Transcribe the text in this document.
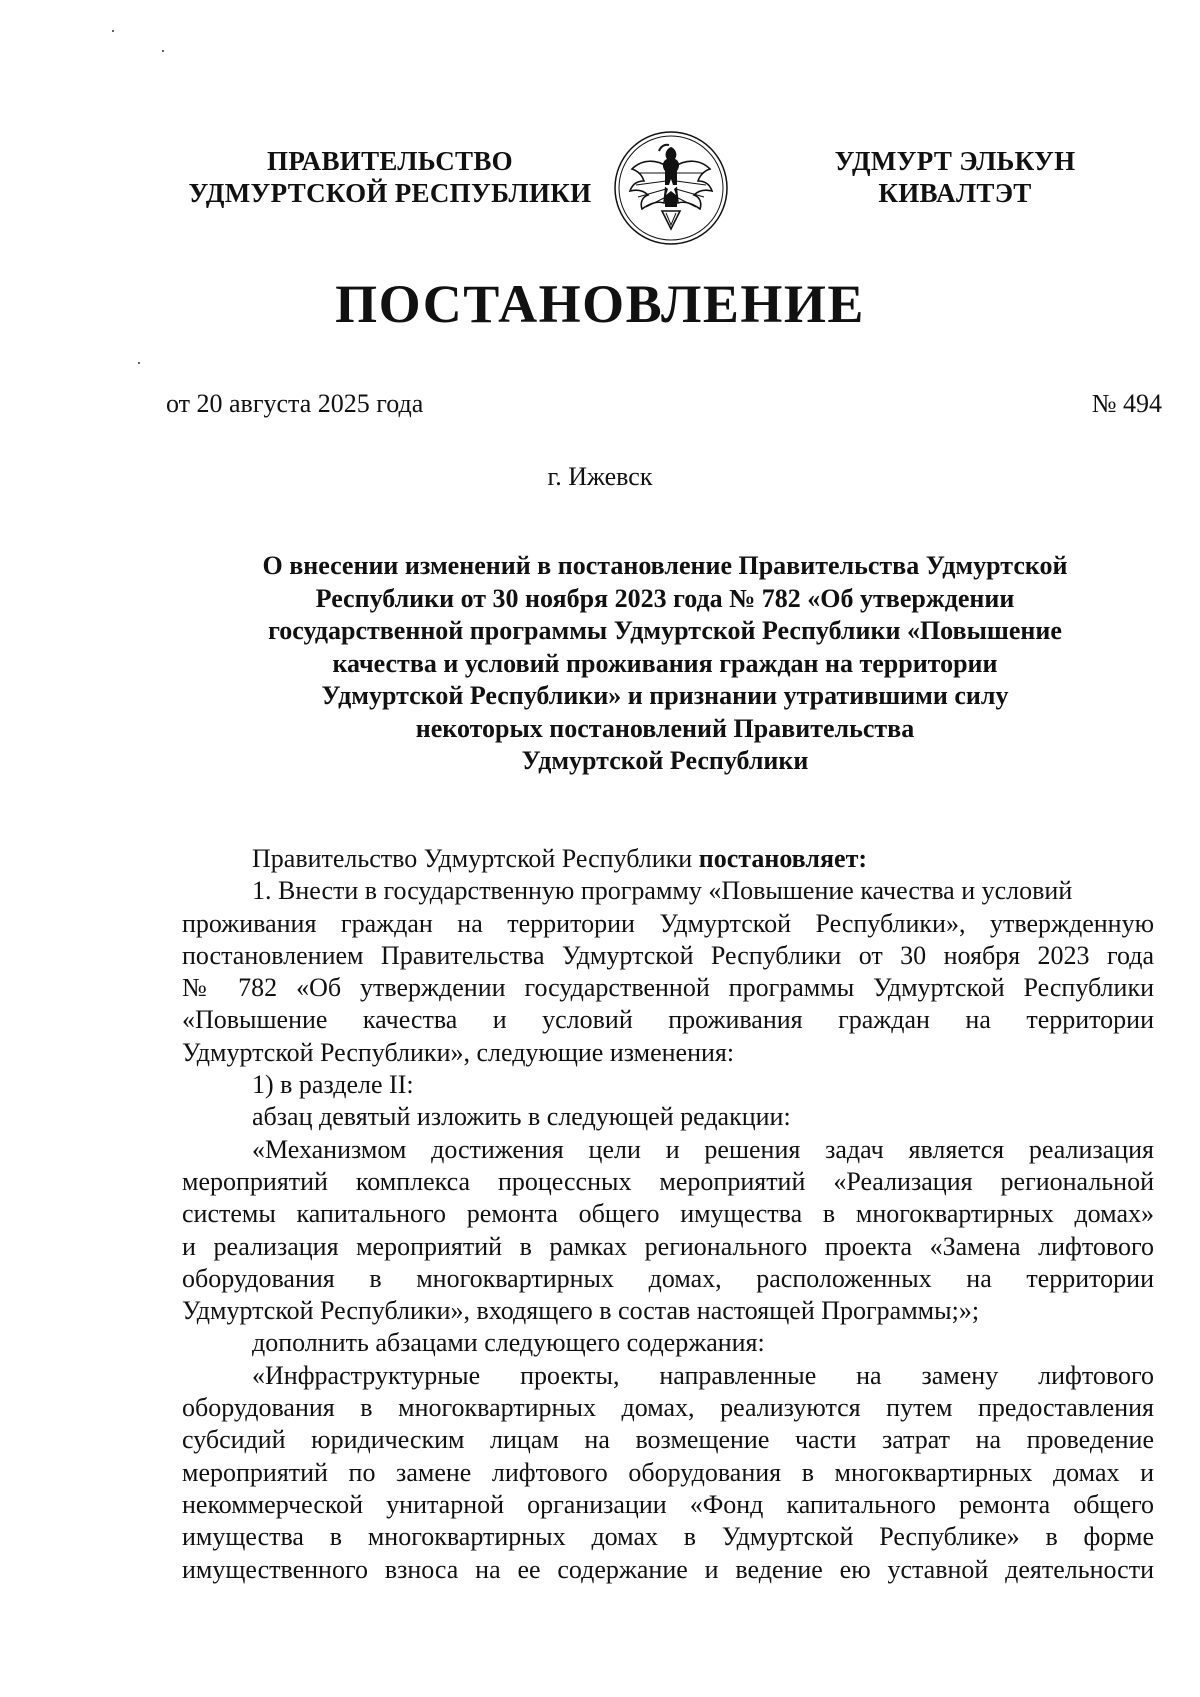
ПРАВИТЕЛЬСТВО
УДМУРТСКОЙ РЕСПУБЛИКИ
УДМУРТ ЭЛЬКУН
КИВАЛТЭТ
ПОСТАНОВЛЕНИЕ
от 20 августа 2025 года	№ 494
г. Ижевск
О внесении изменений в постановление Правительства Удмуртской
Республики от 30 ноября 2023 года № 782 «Об утверждении
государственной программы Удмуртской Республики «Повышение
качества и условий проживания граждан на территории
Удмуртской Республики» и признании утратившими силу
некоторых постановлений Правительства
Удмуртской Республики
Правительство Удмуртской Республики постановляет:
1. Внести в государственную программу «Повышение качества и условий
проживания граждан на территории Удмуртской Республики», утвержденную
постановлением Правительства Удмуртской Республики от 30 ноября 2023 года
№ 782 «Об утверждении государственной программы Удмуртской Республики
«Повышение качества и условий проживания граждан на территории
Удмуртской Республики», следующие изменения:
1) в разделе II:
абзац девятый изложить в следующей редакции:
«Механизмом достижения цели и решения задач является реализация
мероприятий комплекса процессных мероприятий «Реализация региональной
системы капитального ремонта общего имущества в многоквартирных домах»
и реализация мероприятий в рамках регионального проекта «Замена лифтового
оборудования в многоквартирных домах, расположенных на территории
Удмуртской Республики», входящего в состав настоящей Программы;»;
дополнить абзацами следующего содержания:
«Инфраструктурные проекты, направленные на замену лифтового
оборудования в многоквартирных домах, реализуются путем предоставления
субсидий юридическим лицам на возмещение части затрат на проведение
мероприятий по замене лифтового оборудования в многоквартирных домах и
некоммерческой унитарной организации «Фонд капитального ремонта общего
имущества в многоквартирных домах в Удмуртской Республике» в форме
имущественного взноса на ее содержание и ведение ею уставной деятельности
